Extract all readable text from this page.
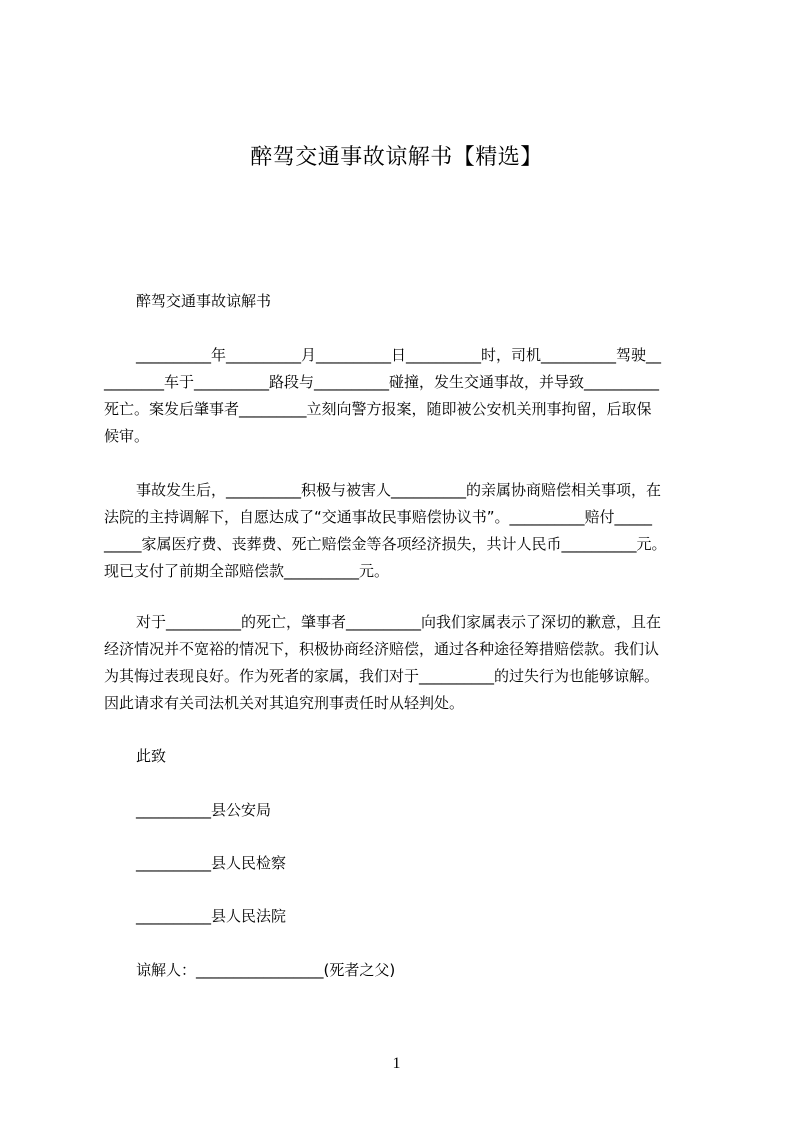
醉驾交通事故谅解书【精选】
醉驾交通事故谅解书
__________年__________月__________日__________时，司机__________驾驶__
________车于__________路段与__________碰撞，发生交通事故，并导致__________
死亡。案发后肇事者_________立刻向警方报案，随即被公安机关刑事拘留，后取保
候审。
事故发生后，__________积极与被害人__________的亲属协商赔偿相关事项，在
法院的主持调解下，自愿达成了“交通事故民事赔偿协议书”。__________赔付_____
_____家属医疗费、丧葬费、死亡赔偿金等各项经济损失，共计人民币__________元。
现已支付了前期全部赔偿款__________元。
对于__________的死亡，肇事者__________向我们家属表示了深切的歉意，且在
经济情况并不宽裕的情况下，积极协商经济赔偿，通过各种途径筹措赔偿款。我们认
为其悔过表现良好。作为死者的家属，我们对于__________的过失行为也能够谅解。
因此请求有关司法机关对其追究刑事责任时从轻判处。
此致
__________县公安局
__________县人民检察
__________县人民法院
谅解人：_________________(死者之父)
1
